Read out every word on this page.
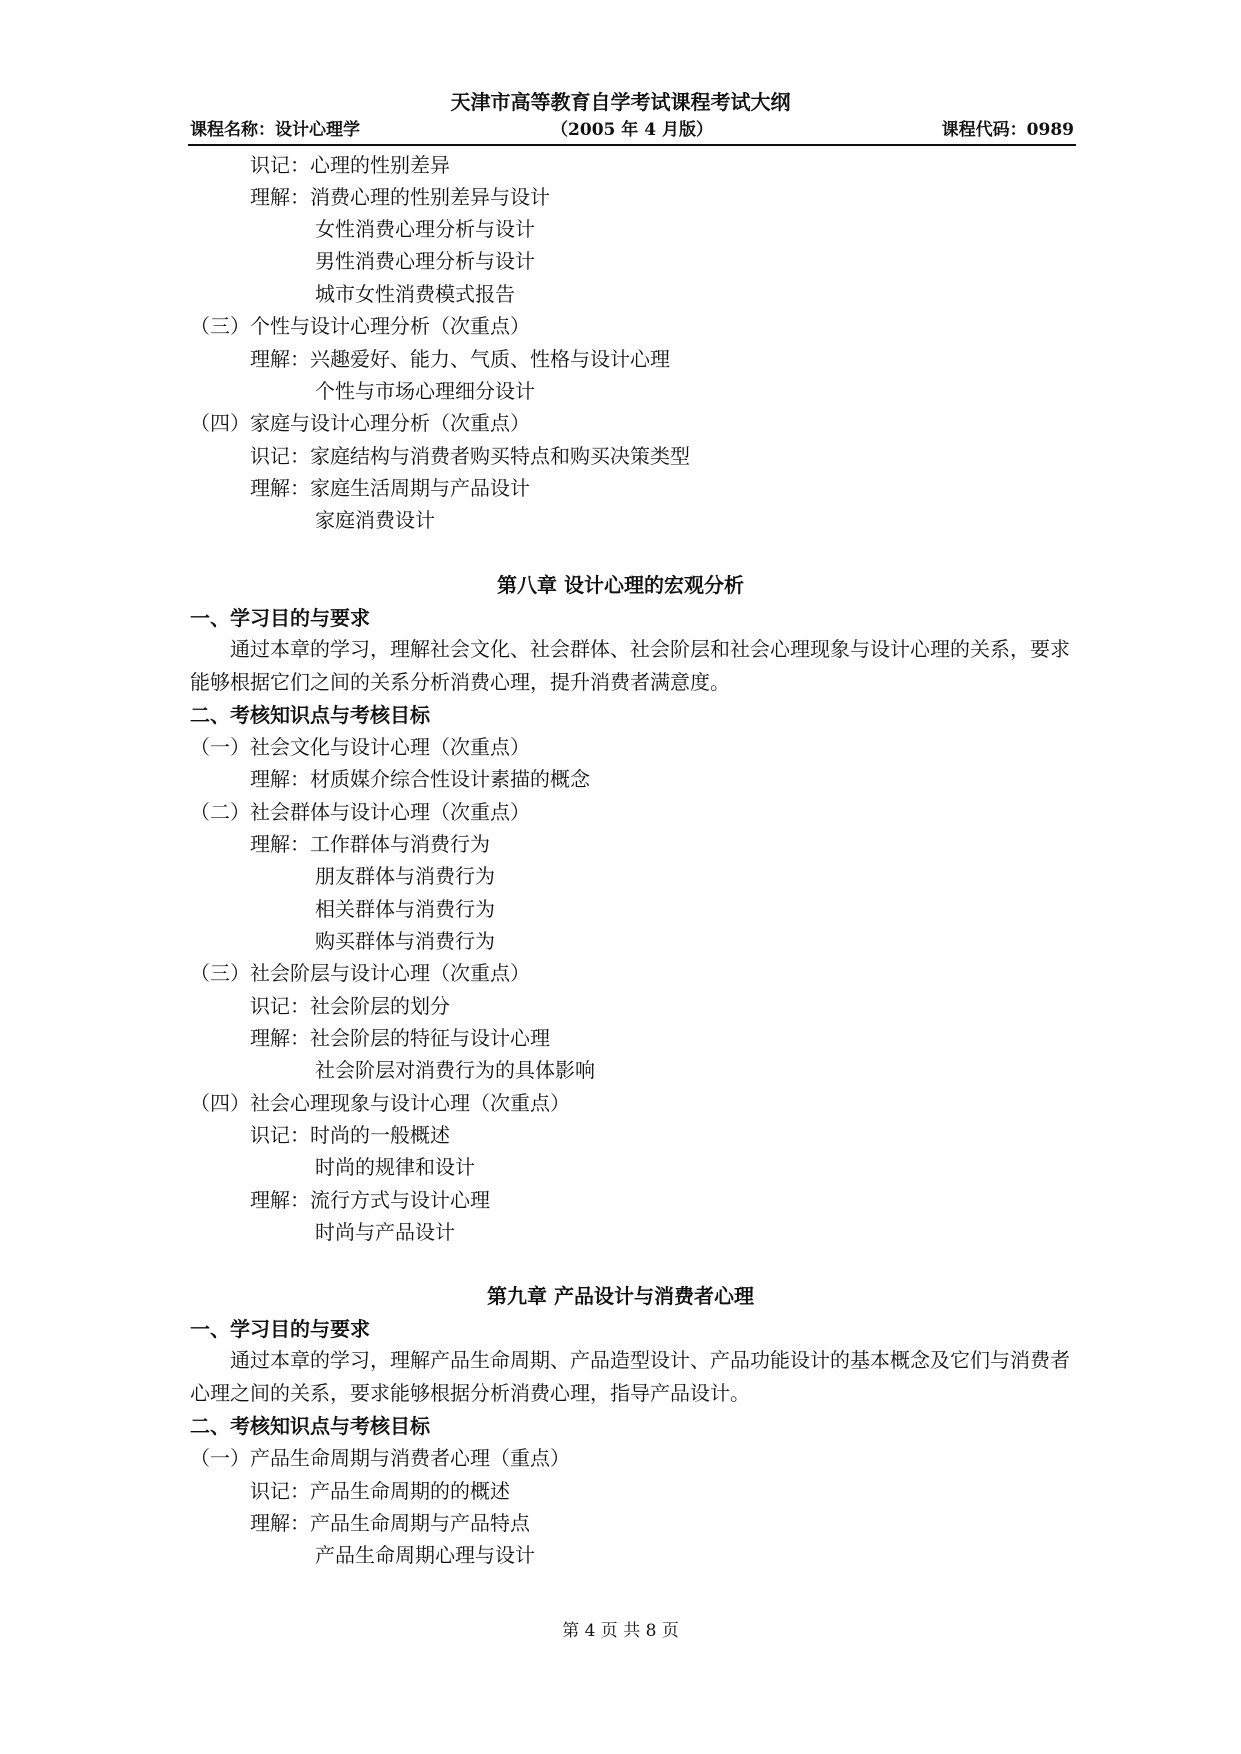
天津市高等教育自学考试课程考试大纲
课程名称：设计心理学	（2005 年 4 月版）	课程代码：0989
识记：心理的性别差异
理解：消费心理的性别差异与设计
女性消费心理分析与设计
男性消费心理分析与设计
城市女性消费模式报告
（三）个性与设计心理分析（次重点）
理解：兴趣爱好、能力、气质、性格与设计心理
个性与市场心理细分设计
（四）家庭与设计心理分析（次重点）
识记：家庭结构与消费者购买特点和购买决策类型
理解：家庭生活周期与产品设计
家庭消费设计
第八章 设计心理的宏观分析
一、学习目的与要求
通过本章的学习，理解社会文化、社会群体、社会阶层和社会心理现象与设计心理的关系，要求能够根据它们之间的关系分析消费心理，提升消费者满意度。
二、考核知识点与考核目标
（一）社会文化与设计心理（次重点）
理解：材质媒介综合性设计素描的概念
（二）社会群体与设计心理（次重点）
理解：工作群体与消费行为
朋友群体与消费行为
相关群体与消费行为
购买群体与消费行为
（三）社会阶层与设计心理（次重点）
识记：社会阶层的划分
理解：社会阶层的特征与设计心理
社会阶层对消费行为的具体影响
（四）社会心理现象与设计心理（次重点）
识记：时尚的一般概述
时尚的规律和设计
理解：流行方式与设计心理
时尚与产品设计
第九章 产品设计与消费者心理
一、学习目的与要求
通过本章的学习，理解产品生命周期、产品造型设计、产品功能设计的基本概念及它们与消费者心理之间的关系，要求能够根据分析消费心理，指导产品设计。
二、考核知识点与考核目标
（一）产品生命周期与消费者心理（重点）
识记：产品生命周期的的概述
理解：产品生命周期与产品特点
产品生命周期心理与设计
第 4 页 共 8 页
